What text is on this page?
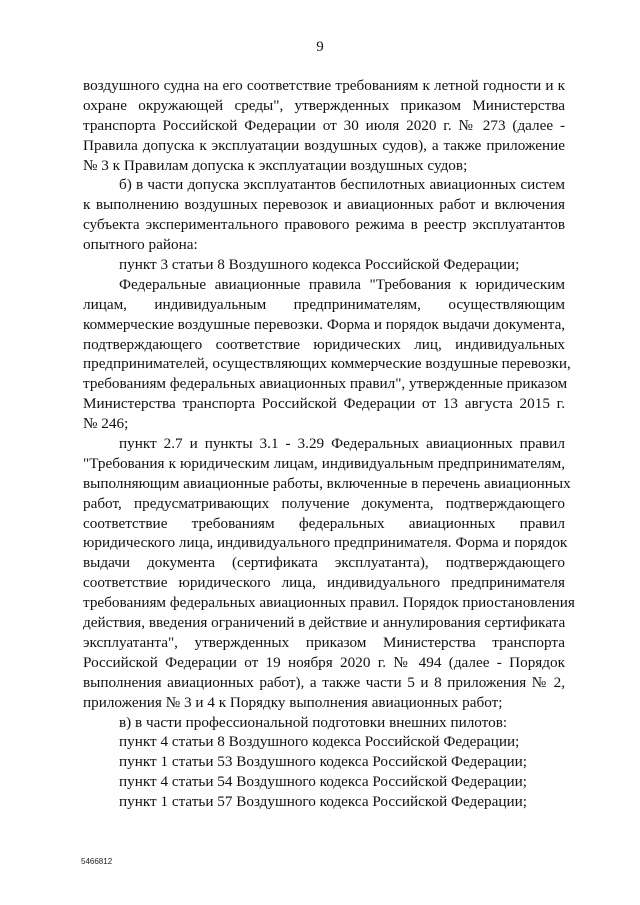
9
воздушного судна на его соответствие требованиям к летной годности и к
охране окружающей среды", утвержденных приказом Министерства
транспорта Российской Федерации от 30 июля 2020 г. № 273 (далее -
Правила допуска к эксплуатации воздушных судов), а также приложение
№ 3 к Правилам допуска к эксплуатации воздушных судов;
б) в части допуска эксплуатантов беспилотных авиационных систем
к выполнению воздушных перевозок и авиационных работ и включения
субъекта экспериментального правового режима в реестр эксплуатантов
опытного района:
пункт 3 статьи 8 Воздушного кодекса Российской Федерации;
Федеральные авиационные правила "Требования к юридическим
лицам, индивидуальным предпринимателям, осуществляющим
коммерческие воздушные перевозки. Форма и порядок выдачи документа,
подтверждающего соответствие юридических лиц, индивидуальных
предпринимателей, осуществляющих коммерческие воздушные перевозки,
требованиям федеральных авиационных правил", утвержденные приказом
Министерства транспорта Российской Федерации от 13 августа 2015 г.
№ 246;
пункт 2.7 и пункты 3.1 - 3.29 Федеральных авиационных правил
"Требования к юридическим лицам, индивидуальным предпринимателям,
выполняющим авиационные работы, включенные в перечень авиационных
работ, предусматривающих получение документа, подтверждающего
соответствие требованиям федеральных авиационных правил
юридического лица, индивидуального предпринимателя. Форма и порядок
выдачи документа (сертификата эксплуатанта), подтверждающего
соответствие юридического лица, индивидуального предпринимателя
требованиям федеральных авиационных правил. Порядок приостановления
действия, введения ограничений в действие и аннулирования сертификата
эксплуатанта", утвержденных приказом Министерства транспорта
Российской Федерации от 19 ноября 2020 г. № 494 (далее - Порядок
выполнения авиационных работ), а также части 5 и 8 приложения № 2,
приложения № 3 и 4 к Порядку выполнения авиационных работ;
в) в части профессиональной подготовки внешних пилотов:
пункт 4 статьи 8 Воздушного кодекса Российской Федерации;
пункт 1 статьи 53 Воздушного кодекса Российской Федерации;
пункт 4 статьи 54 Воздушного кодекса Российской Федерации;
пункт 1 статьи 57 Воздушного кодекса Российской Федерации;
5466812
